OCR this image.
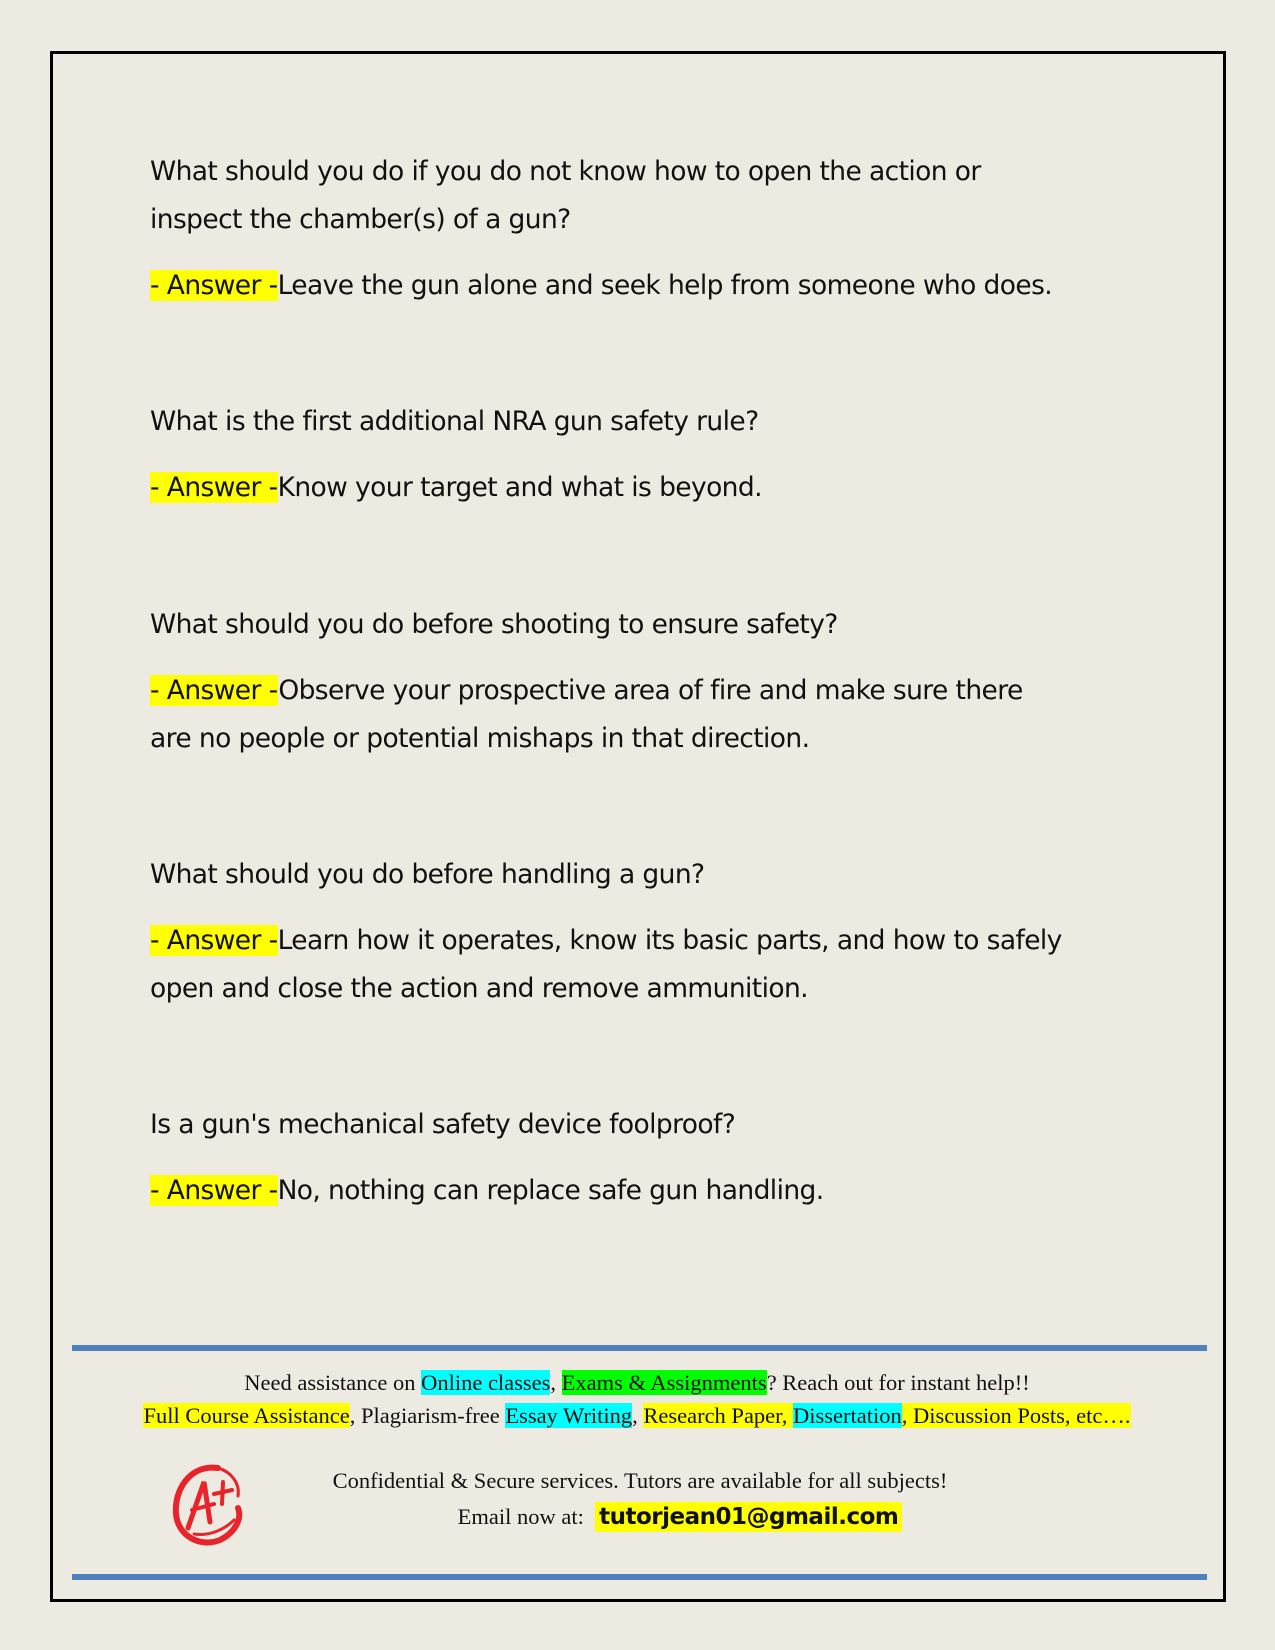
What should you do if you do not know how to open the action or
inspect the chamber(s) of a gun?

- Answer -Leave the gun alone and seek help from someone who does.

What is the first additional NRA gun safety rule?

- Answer -Know your target and what is beyond.

What should you do before shooting to ensure safety?

- Answer -Observe your prospective area of fire and make sure there
are no people or potential mishaps in that direction.

What should you do before handling a gun?

- Answer -Learn how it operates, know its basic parts, and how to safely
open and close the action and remove ammunition.

Is a gun's mechanical safety device foolproof?

- Answer -No, nothing can replace safe gun handling.

Need assistance on Online classes, Exams & Assignments? Reach out for instant help!!
Full Course Assistance, Plagiarism-free Essay Writing, Research Paper, Dissertation, Discussion Posts, etc….
Confidential & Secure services. Tutors are available for all subjects!
Email now at:  tutorjean01@gmail.com
